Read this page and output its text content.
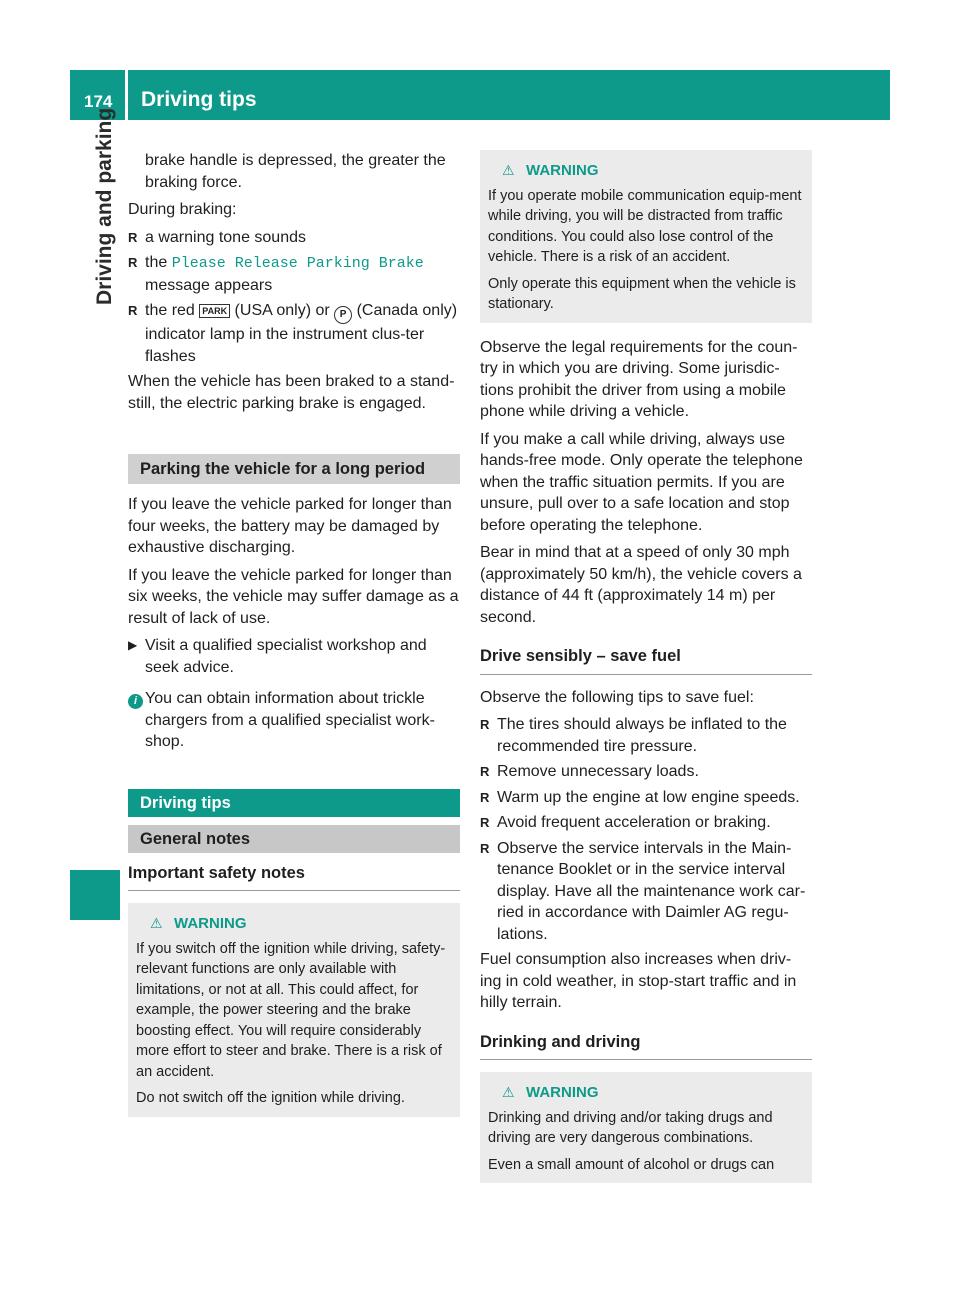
174 Driving tips
Driving and parking	brake handle is depressed, the greater the braking force.

During braking:

R a warning tone sounds
R the Please Release Parking Brake message appears
R the red PARK (USA only) or P (Canada only) indicator lamp in the instrument clus-ter flashes

When the vehicle has been braked to a stand-still, the electric parking brake is engaged.

Parking the vehicle for a long period

If you leave the vehicle parked for longer than four weeks, the battery may be damaged by exhaustive discharging.

If you leave the vehicle parked for longer than six weeks, the vehicle may suffer damage as a result of lack of use.

▶ Visit a qualified specialist workshop and seek advice.
i You can obtain information about trickle chargers from a qualified specialist work-shop.
Driving tips
General notes
Important safety notes
⚠ WARNING

If you switch off the ignition while driving, safety-relevant functions are only available with limitations, or not at all. This could affect, for example, the power steering and the brake boosting effect. You will require considerably more effort to steer and brake. There is a risk of an accident.

Do not switch off the ignition while driving.

⚠ WARNING

If you operate mobile communication equip-ment while driving, you will be distracted from traffic conditions. You could also lose control of the vehicle. There is a risk of an accident.

Only operate this equipment when the vehicle is stationary.

Observe the legal requirements for the coun-try in which you are driving. Some jurisdic-tions prohibit the driver from using a mobile phone while driving a vehicle.

If you make a call while driving, always use hands-free mode. Only operate the telephone when the traffic situation permits. If you are unsure, pull over to a safe location and stop before operating the telephone.

Bear in mind that at a speed of only 30 mph (approximately 50 km/h), the vehicle covers a distance of 44 ft (approximately 14 m) per second.

Drive sensibly – save fuel

Observe the following tips to save fuel:

R The tires should always be inflated to the recommended tire pressure.
R Remove unnecessary loads.
R Warm up the engine at low engine speeds.
R Avoid frequent acceleration or braking.
R Observe the service intervals in the Main-tenance Booklet or in the service interval display. Have all the maintenance work car-ried in accordance with Daimler AG regu-lations.

Fuel consumption also increases when driv-ing in cold weather, in stop-start traffic and in hilly terrain.

Drinking and driving
⚠ WARNING

Drinking and driving and/or taking drugs and driving are very dangerous combinations.

Even a small amount of alcohol or drugs can
